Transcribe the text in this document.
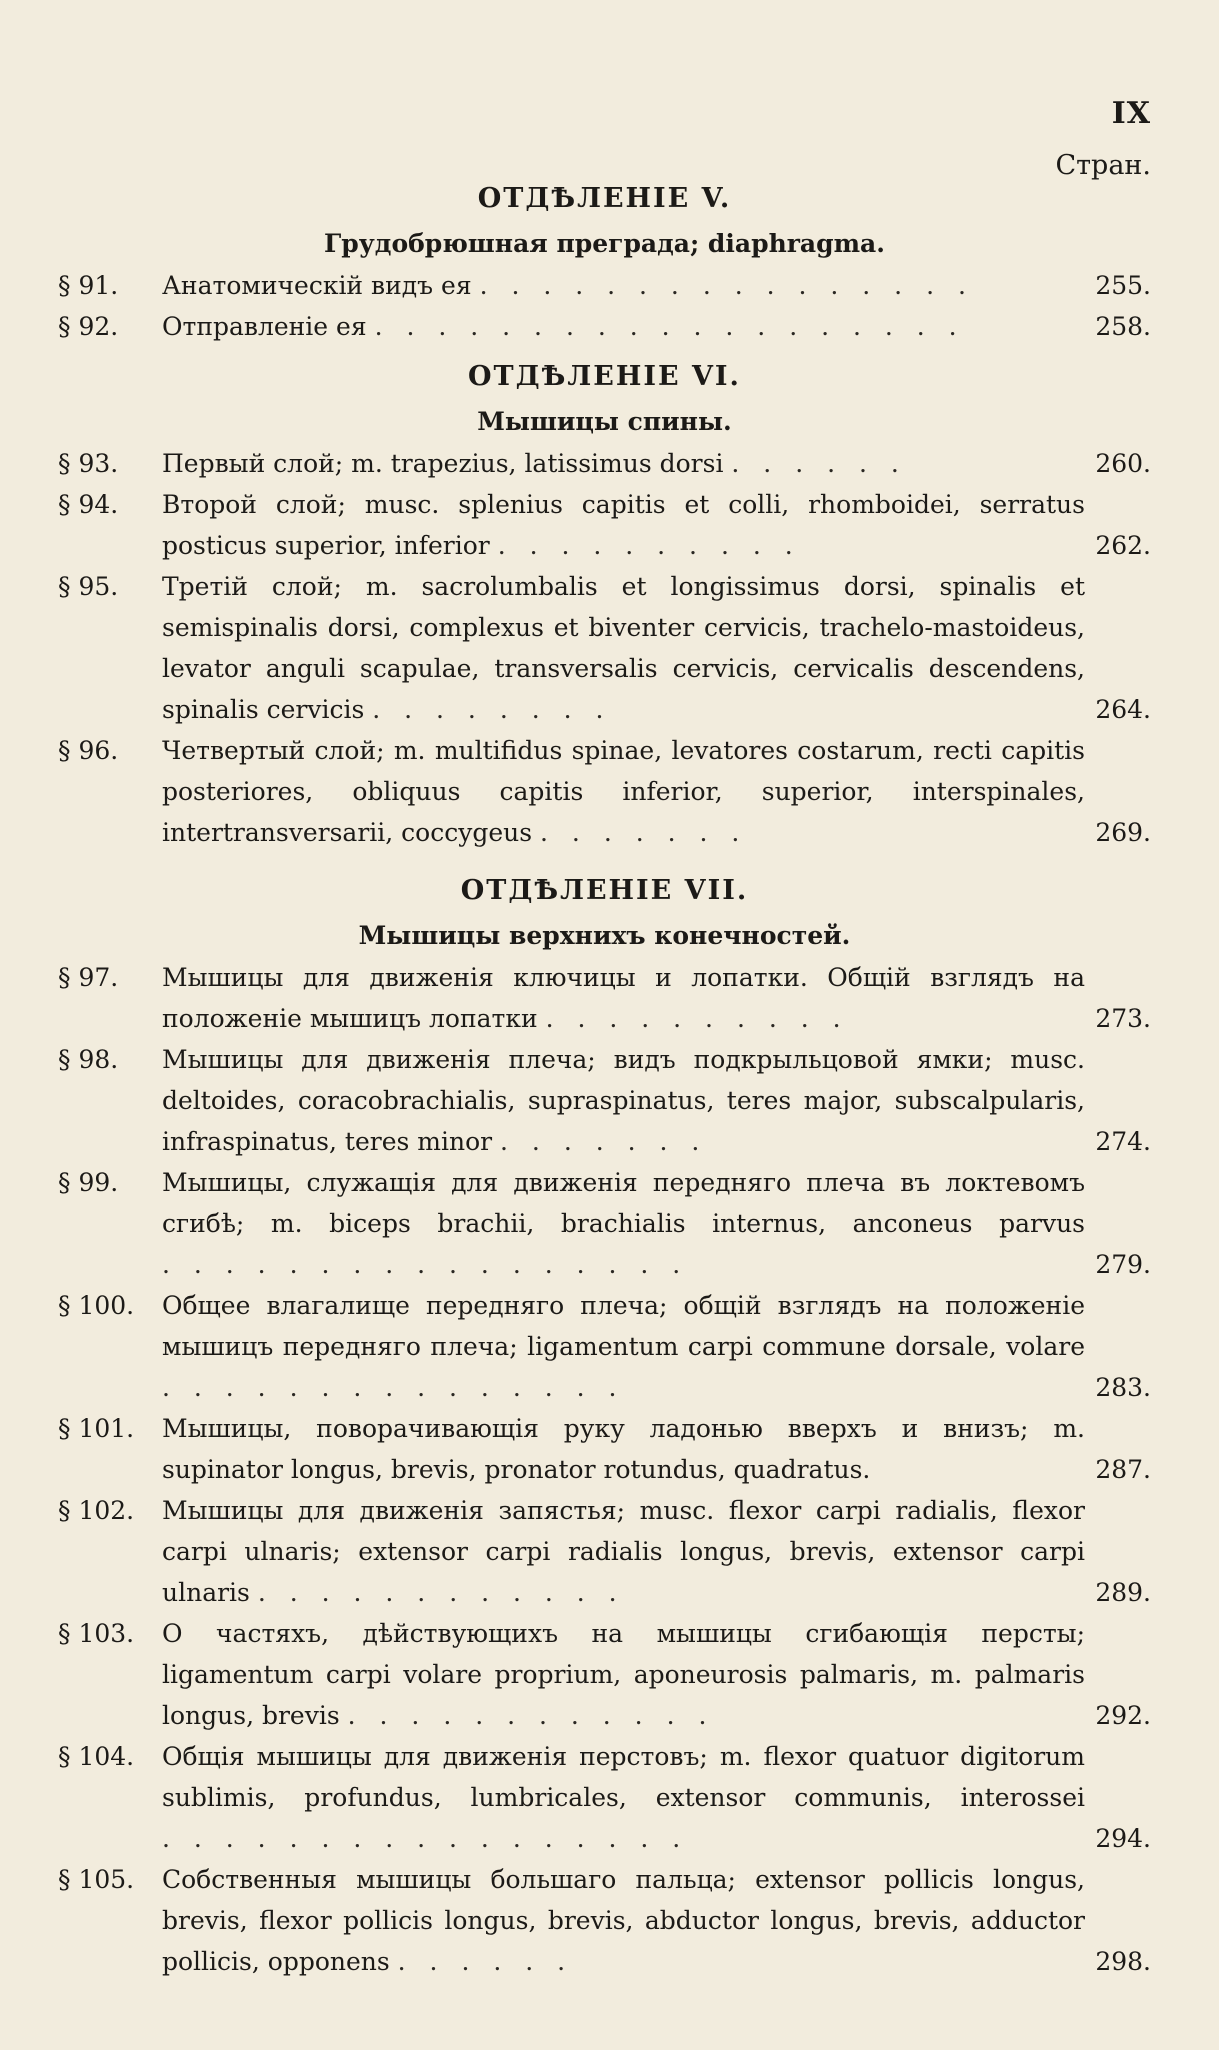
IX
Стран.
ОТДѢЛЕНІЕ V.
Грудобрюшная преграда; diaphragma.
§ 91.	Анатомическій видъ ея . . . . . . . . . . . . . . . .	255.
§ 92.	Отправленіе ея . . . . . . . . . . . . . . . . . . .	258.
ОТДѢЛЕНІЕ VI.
Мышицы спины.
§ 93.	Первый слой; m. trapezius, latissimus dorsi . . . . . .	260.
§ 94.	Второй слой; musc. splenius capitis et colli, rhomboidei, serratus posticus superior, inferior . . . . . . . . . .	262.
§ 95.	Третій слой; m. sacrolumbalis et longissimus dorsi, spinalis et semispinalis dorsi, complexus et biventer cervicis, trachelo-mastoideus, levator anguli scapulae, transversalis cervicis, cervicalis descendens, spinalis cervicis . . . . . . . .	264.
§ 96.	Четвертый слой; m. multifidus spinae, levatores costarum, recti capitis posteriores, obliquus capitis inferior, superior, interspinales, intertransversarii, coccygeus . . . . . . .	269.
ОТДѢЛЕНІЕ VII.
Мышицы верхнихъ конечностей.
§ 97.	Мышицы для движенія ключицы и лопатки. Общій взглядъ на положеніе мышицъ лопатки . . . . . . . . . .	273.
§ 98.	Мышицы для движенія плеча; видъ подкрыльцовой ямки; musc. deltoides, coracobrachialis, supraspinatus, teres major, subscalpularis, infraspinatus, teres minor . . . . . . .	274.
§ 99.	Мышицы, служащія для движенія передняго плеча въ локтевомъ сгибѣ; m. biceps brachii, brachialis internus, anconeus parvus . . . . . . . . . . . . . . . . .	279.
§ 100.	Общее влагалище передняго плеча; общій взглядъ на положеніе мышицъ передняго плеча; ligamentum carpi commune dorsale, volare . . . . . . . . . . . . . . .	283.
§ 101.	Мышицы, поворачивающія руку ладонью вверхъ и внизъ; m. supinator longus, brevis, pronator rotundus, quadratus.	287.
§ 102.	Мышицы для движенія запястья; musc. flexor carpi radialis, flexor carpi ulnaris; extensor carpi radialis longus, brevis, extensor carpi ulnaris . . . . . . . . . . . .	289.
§ 103.	О частяхъ, дѣйствующихъ на мышицы сгибающія персты; ligamentum carpi volare proprium, aponeurosis palmaris, m. palmaris longus, brevis . . . . . . . . . . . .	292.
§ 104.	Общія мышицы для движенія перстовъ; m. flexor quatuor digitorum sublimis, profundus, lumbricales, extensor communis, interossei . . . . . . . . . . . . . . . . .	294.
§ 105.	Собственныя мышицы большаго пальца; extensor pollicis longus, brevis, flexor pollicis longus, brevis, abductor longus, brevis, adductor pollicis, opponens . . . . . .	298.
